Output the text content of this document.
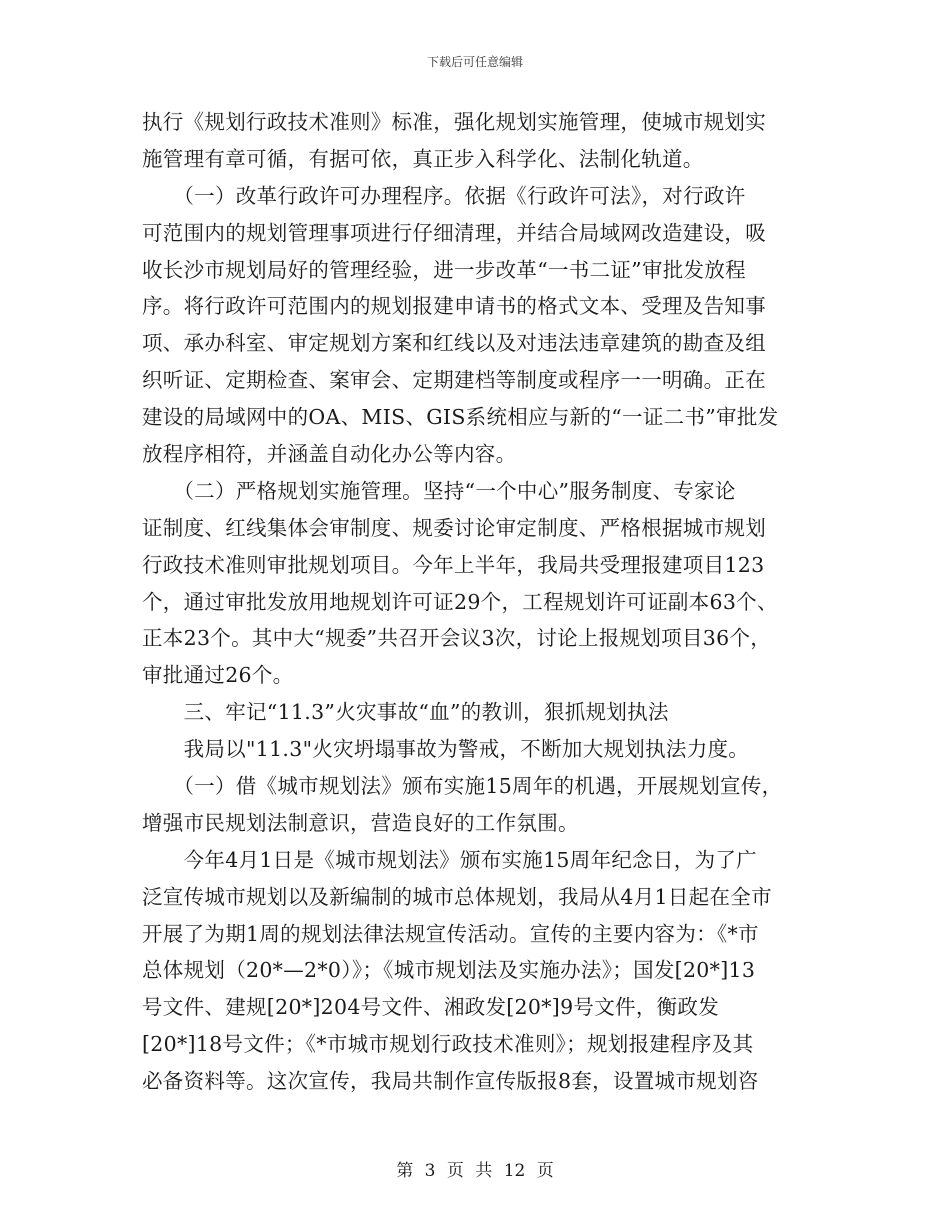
下载后可任意编辑
执行《规划行政技术准则》标准，强化规划实施管理，使城市规划实
施管理有章可循，有据可依，真正步入科学化、法制化轨道。
　　（一）改革行政许可办理程序。依据《行政许可法》，对行政许
可范围内的规划管理事项进行仔细清理，并结合局域网改造建设，吸
收长沙市规划局好的管理经验，进一步改革“一书二证”审批发放程
序。将行政许可范围内的规划报建申请书的格式文本、受理及告知事
项、承办科室、审定规划方案和红线以及对违法违章建筑的勘查及组
织听证、定期检查、案审会、定期建档等制度或程序一一明确。正在
建设的局域网中的OA、MIS、GIS系统相应与新的“一证二书”审批发
放程序相符，并涵盖自动化办公等内容。
　　（二）严格规划实施管理。坚持“一个中心”服务制度、专家论
证制度、红线集体会审制度、规委讨论审定制度、严格根据城市规划
行政技术准则审批规划项目。今年上半年，我局共受理报建项目123
个，通过审批发放用地规划许可证29个，工程规划许可证副本63个、
正本23个。其中大“规委”共召开会议3次，讨论上报规划项目36个，
审批通过26个。
　　三、牢记“11.3”火灾事故“血”的教训，狠抓规划执法
　　我局以"11.3"火灾坍塌事故为警戒，不断加大规划执法力度。
　　（一）借《城市规划法》颁布实施15周年的机遇，开展规划宣传，
增强市民规划法制意识，营造良好的工作氛围。
　　今年4月1日是《城市规划法》颁布实施15周年纪念日，为了广
泛宣传城市规划以及新编制的城市总体规划，我局从4月1日起在全市
开展了为期1周的规划法律法规宣传活动。宣传的主要内容为：《*市
总体规划（20*—2*0）》；《城市规划法及实施办法》；国发[20*]13
号文件、建规[20*]204号文件、湘政发[20*]9号文件，衡政发
[20*]18号文件；《*市城市规划行政技术准则》；规划报建程序及其
必备资料等。这次宣传，我局共制作宣传版报8套，设置城市规划咨
第 3 页 共 12 页
